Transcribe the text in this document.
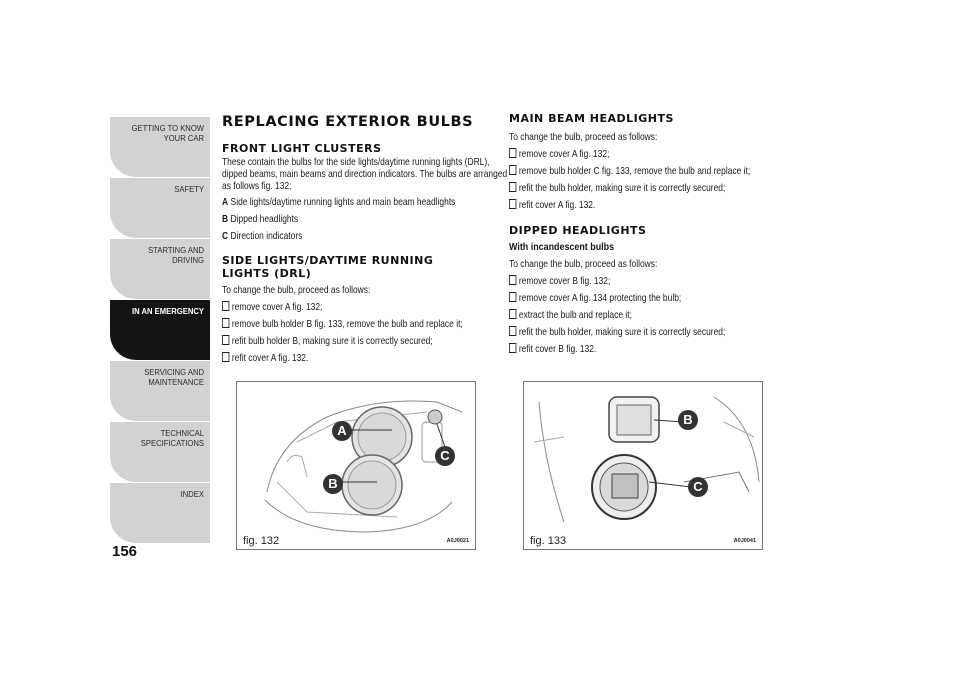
GETTING TO KNOW YOUR CAR
SAFETY
STARTING AND DRIVING
IN AN EMERGENCY
SERVICING AND MAINTENANCE
TECHNICAL SPECIFICATIONS
INDEX
156
REPLACING EXTERIOR BULBS
FRONT LIGHT CLUSTERS

These contain the bulbs for the side lights/daytime running lights (DRL), dipped beams, main beams and direction indicators. The bulbs are arranged as follows fig. 132:

A Side lights/daytime running lights and main beam headlights
B Dipped headlights
C Direction indicators
SIDE LIGHTS/DAYTIME RUNNING LIGHTS (DRL)
To change the bulb, proceed as follows:
remove cover A fig. 132;
remove bulb holder B fig. 133, remove the bulb and replace it;
refit bulb holder B, making sure it is correctly secured;
refit cover A fig. 132.
MAIN BEAM HEADLIGHTS
To change the bulb, proceed as follows:
remove cover A fig. 132;
remove bulb holder C fig. 133, remove the bulb and replace it;
refit the bulb holder, making sure it is correctly secured;
refit cover A fig. 132.
DIPPED HEADLIGHTS
With incandescent bulbs
To change the bulb, proceed as follows:
remove cover B fig. 132;
remove cover A fig. 134 protecting the bulb;
extract the bulb and replace it;
refit the bulb holder, making sure it is correctly secured;
refit cover B fig. 132.
A
B
C
fig. 132	A0J0021
B
C
fig. 133	A0J0041
